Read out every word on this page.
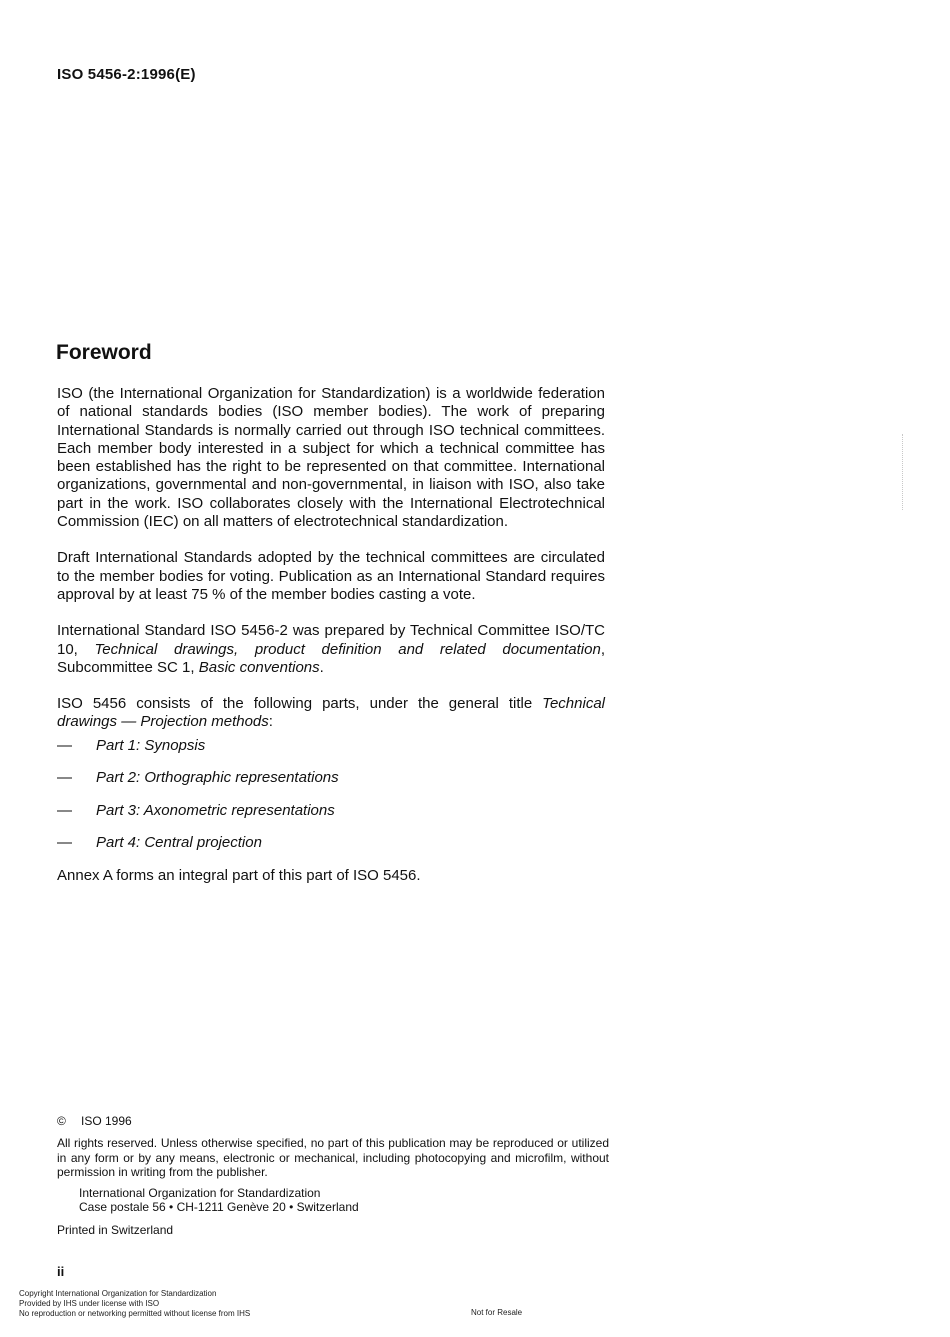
ISO 5456-2:1996(E)
Foreword

ISO (the International Organization for Standardization) is a worldwide federation of national standards bodies (ISO member bodies). The work of preparing International Standards is normally carried out through ISO technical committees. Each member body interested in a subject for which a technical committee has been established has the right to be represented on that committee. International organizations, governmental and non-governmental, in liaison with ISO, also take part in the work. ISO collaborates closely with the International Electrotechnical Commission (IEC) on all matters of electrotechnical standardization.

Draft International Standards adopted by the technical committees are circulated to the member bodies for voting. Publication as an International Standard requires approval by at least 75 % of the member bodies casting a vote.

International Standard ISO 5456-2 was prepared by Technical Committee ISO/TC 10, Technical drawings, product definition and related documentation, Subcommittee SC 1, Basic conventions.

ISO 5456 consists of the following parts, under the general title Technical drawings — Projection methods:

—	Part 1: Synopsis
—	Part 2: Orthographic representations
—	Part 3: Axonometric representations
—	Part 4: Central projection

Annex A forms an integral part of this part of ISO 5456.

© ISO 1996

All rights reserved. Unless otherwise specified, no part of this publication may be reproduced or utilized in any form or by any means, electronic or mechanical, including photocopying and microfilm, without permission in writing from the publisher.

International Organization for Standardization
Case postale 56 • CH-1211 Genève 20 • Switzerland
Printed in Switzerland
ii
Copyright International Organization for Standardization
Provided by IHS under license with ISO
No reproduction or networking permitted without license from IHS	Not for Resale
